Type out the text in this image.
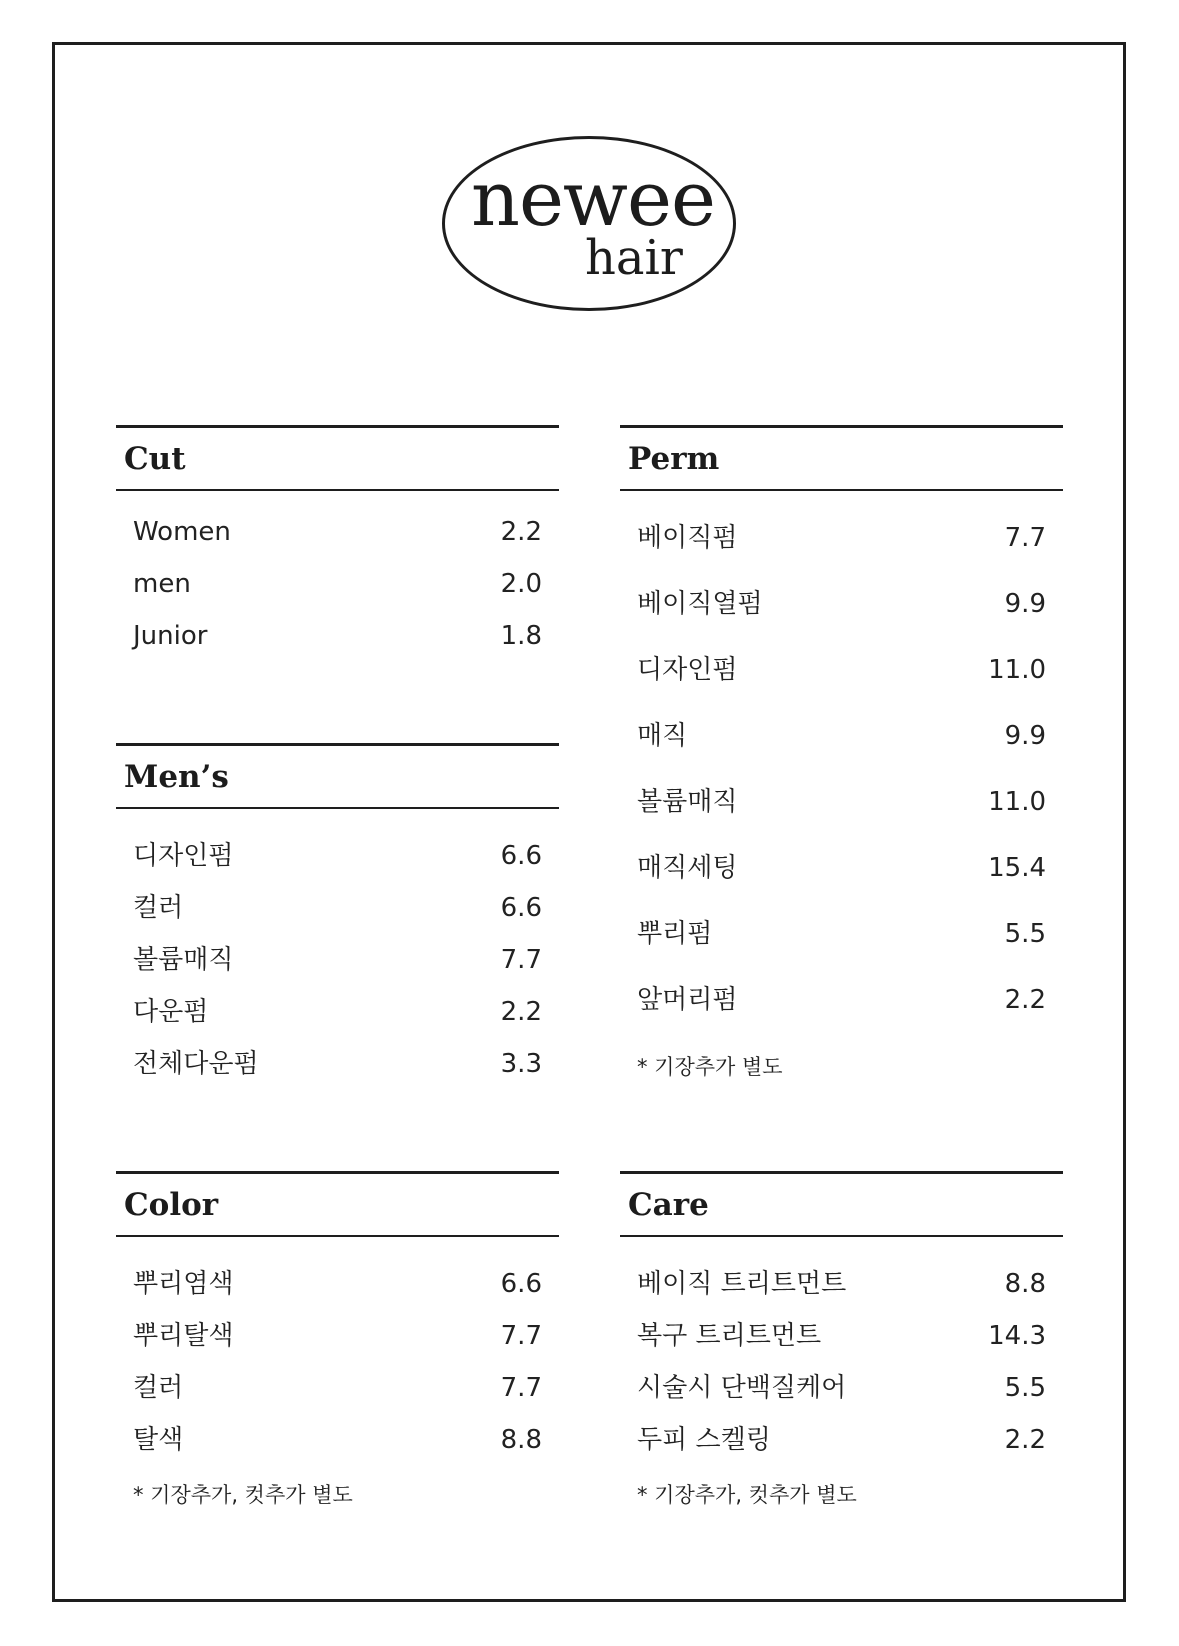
newee
hair
Cut
Women	2.2
men	2.0
Junior	1.8
Men’s
디자인펌	6.6
컬러	6.6
볼륨매직	7.7
다운펌	2.2
전체다운펌	3.3
Color
뿌리염색	6.6
뿌리탈색	7.7
컬러	7.7
탈색	8.8
* 기장추가, 컷추가 별도
Perm
베이직펌	7.7
베이직열펌	9.9
디자인펌	11.0
매직	9.9
볼륨매직	11.0
매직세팅	15.4
뿌리펌	5.5
앞머리펌	2.2
* 기장추가 별도
Care
베이직 트리트먼트	8.8
복구 트리트먼트	14.3
시술시 단백질케어	5.5
두피 스켈링	2.2
* 기장추가, 컷추가 별도
